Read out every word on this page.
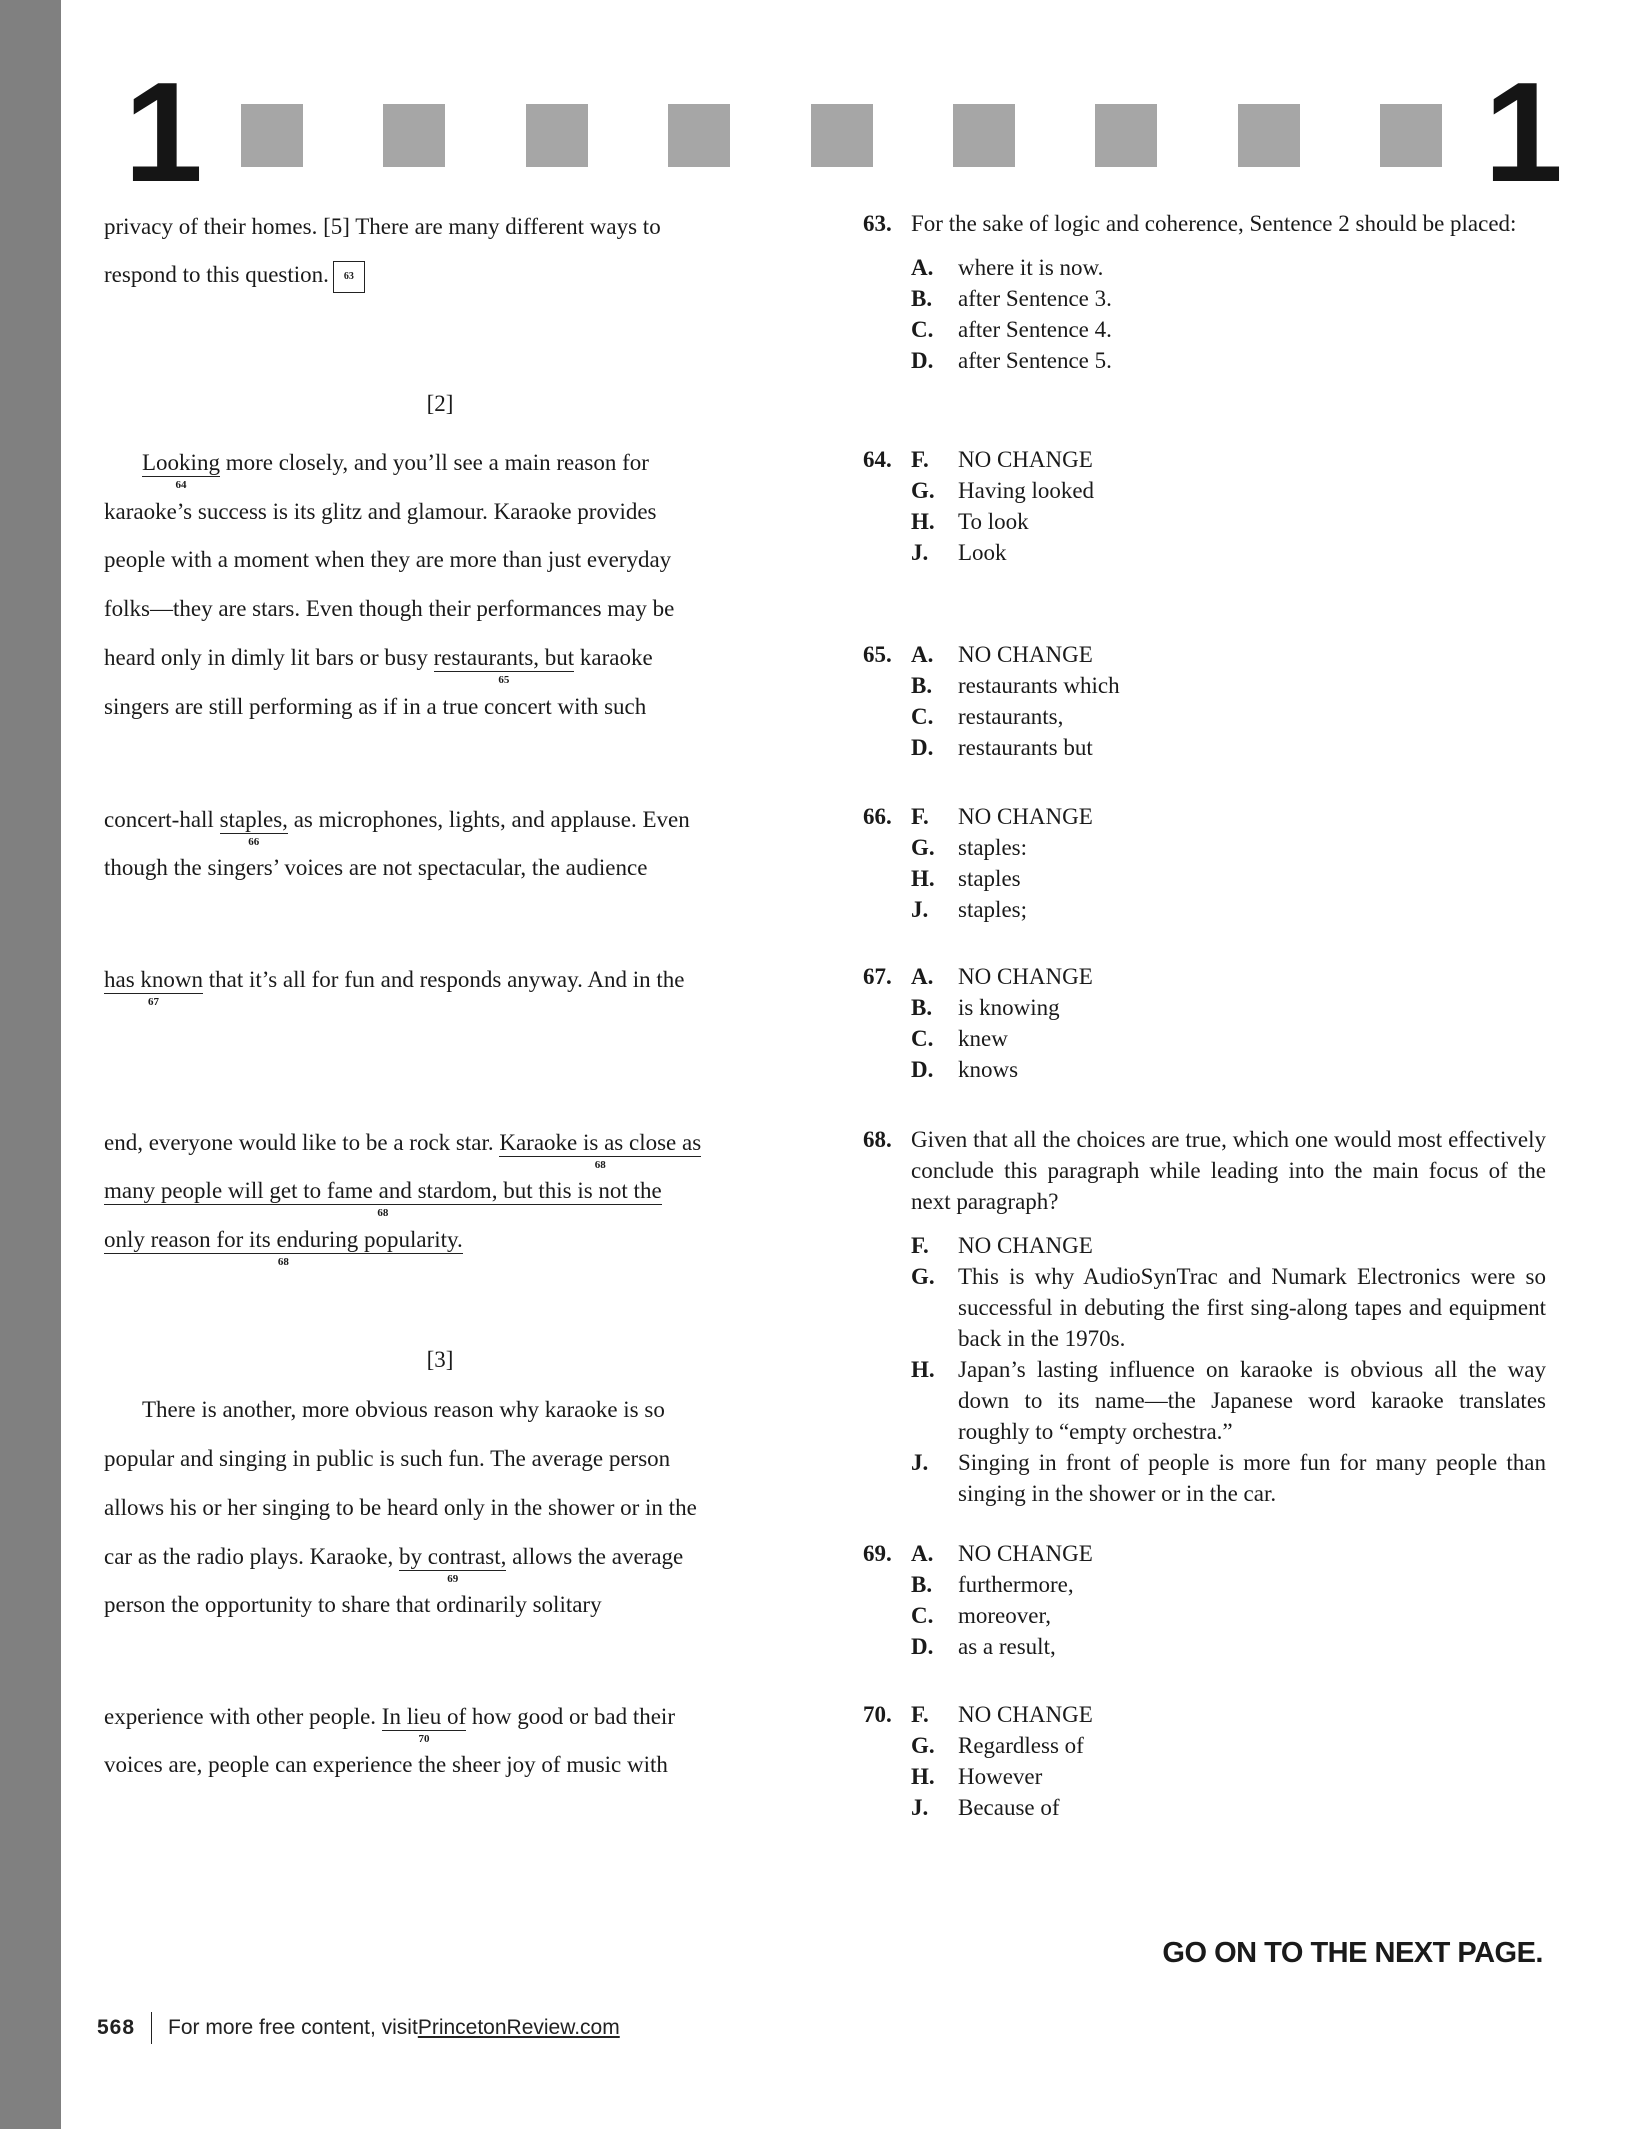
1	1
privacy of their homes. [5] There are many different ways to
respond to this question. 63
[2]
Looking
64
more closely, and you’ll see a main reason for
karaoke’s success is its glitz and glamour. Karaoke provides
people with a moment when they are more than just everyday
folks—they are stars. Even though their performances may be
heard only in dimly lit bars or busy restaurants, but
65
karaoke
singers are still performing as if in a true concert with such
concert-hall staples,
66
as microphones, lights, and applause. Even
though the singers’ voices are not spectacular, the audience
has known
67
that it’s all for fun and responds anyway. And in the
end, everyone would like to be a rock star. Karaoke is as close as
68
many people will get to fame and stardom, but this is not the
68
only reason for its enduring popularity.
68
[3]
There is another, more obvious reason why karaoke is so
popular and singing in public is such fun. The average person
allows his or her singing to be heard only in the shower or in the
car as the radio plays. Karaoke, by contrast,
69
allows the average
person the opportunity to share that ordinarily solitary
experience with other people. In lieu of
70
how good or bad their
voices are, people can experience the sheer joy of music with
63. For the sake of logic and coherence, Sentence 2 should be placed:
A. where it is now.
B. after Sentence 3.
C. after Sentence 4.
D. after Sentence 5.
64. F. NO CHANGE
G. Having looked
H. To look
J. Look
65. A. NO CHANGE
B. restaurants which
C. restaurants,
D. restaurants but
66. F. NO CHANGE
G. staples:
H. staples
J. staples;
67. A. NO CHANGE
B. is knowing
C. knew
D. knows
68. Given that all the choices are true, which one would most effectively conclude this paragraph while leading into the main focus of the next paragraph?
F. NO CHANGE
G. This is why AudioSynTrac and Numark Electronics were so successful in debuting the first sing-along tapes and equipment back in the 1970s.
H. Japan’s lasting influence on karaoke is obvious all the way down to its name—the Japanese word karaoke translates roughly to “empty orchestra.”
J. Singing in front of people is more fun for many people than singing in the shower or in the car.
69. A. NO CHANGE
B. furthermore,
C. moreover,
D. as a result,
70. F. NO CHANGE
G. Regardless of
H. However
J. Because of
GO ON TO THE NEXT PAGE.
568 For more free content, visit PrincetonReview.com
